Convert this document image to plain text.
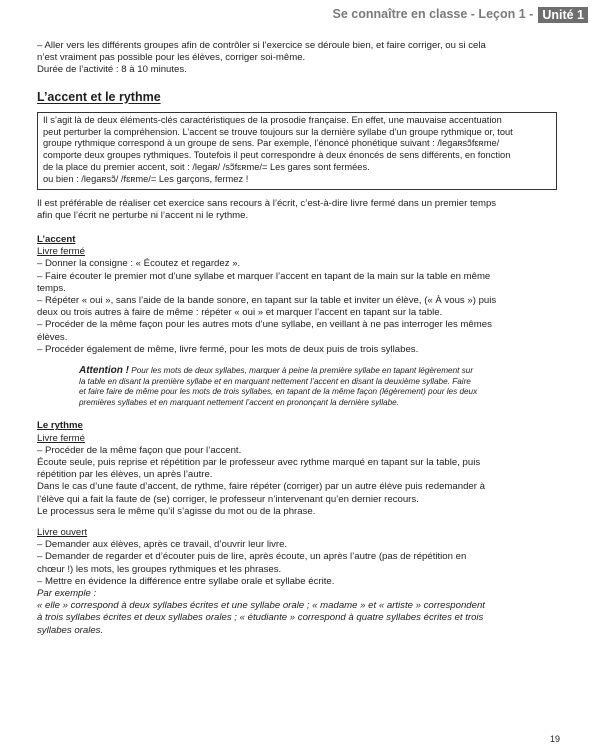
Se connaître en classe - Leçon 1 - Unité 1

– Aller vers les différents groupes afin de contrôler si l’exercice se déroule bien, et faire corriger, ou si cela

n’est vraiment pas possible pour les élèves, corriger soi-même.

Durée de l’activité : 8 à 10 minutes.

L’accent et le rythme

Il s’agit là de deux éléments-clés caractéristiques de la prosodie française. En effet, une mauvaise accentuation

peut perturber la compréhension. L’accent se trouve toujours sur la dernière syllabe d’un groupe rythmique or, tout

groupe rythmique correspond à un groupe de sens. Par exemple, l’énoncé phonétique suivant : /legaʀsɔ̃fɛʀme/

comporte deux groupes rythmiques. Toutefois il peut correspondre à deux énoncés de sens différents, en fonction

de la place du premier accent, soit : /legaʀ/ /sɔ̃fɛʀme/= Les gares sont fermées.

ou bien : /legaʀsɔ̃/ /fɛʀme/= Les garçons, fermez !

Il est préférable de réaliser cet exercice sans recours à l’écrit, c’est-à-dire livre fermé dans un premier temps

afin que l’écrit ne perturbe ni l’accent ni le rythme.

L’accent

Livre fermé

– Donner la consigne : « Écoutez et regardez ».

– Faire écouter le premier mot d’une syllabe et marquer l’accent en tapant de la main sur la table en même

temps.

– Répéter « oui », sans l’aide de la bande sonore, en tapant sur la table et inviter un élève, (« À vous ») puis

deux ou trois autres à faire de même : répéter « oui » et marquer l’accent en tapant sur la table.

– Procéder de la même façon pour les autres mots d’une syllabe, en veillant à ne pas interroger les mêmes

élèves.

– Procéder également de même, livre fermé, pour les mots de deux puis de trois syllabes.

Attention ! Pour les mots de deux syllabes, marquer à peine la première syllabe en tapant légèrement sur

la table en disant la première syllabe et en marquant nettement l’accent en disant la deuxième syllabe. Faire

et faire faire de même pour les mots de trois syllabes, en tapant de la même façon (légèrement) pour les deux

premières syllabes et en marquant nettement l’accent en prononçant la dernière syllabe.

Le rythme

Livre fermé

– Procéder de la même façon que pour l’accent.

Écoute seule, puis reprise et répétition par le professeur avec rythme marqué en tapant sur la table, puis

répétition par les élèves, un après l’autre.

Dans le cas d’une faute d’accent, de rythme, faire répéter (corriger) par un autre élève puis redemander à

l’élève qui a fait la faute de (se) corriger, le professeur n’intervenant qu’en dernier recours.

Le processus sera le même qu’il s’agisse du mot ou de la phrase.

Livre ouvert

– Demander aux élèves, après ce travail, d’ouvrir leur livre.

– Demander de regarder et d’écouter puis de lire, après écoute, un après l’autre (pas de répétition en

chœur !) les mots, les groupes rythmiques et les phrases.

– Mettre en évidence la différence entre syllabe orale et syllabe écrite.

Par exemple :

« elle » correspond à deux syllabes écrites et une syllabe orale ; « madame » et « artiste » correspondent

à trois syllabes écrites et deux syllabes orales ; « étudiante » correspond à quatre syllabes écrites et trois

syllabes orales.

19
